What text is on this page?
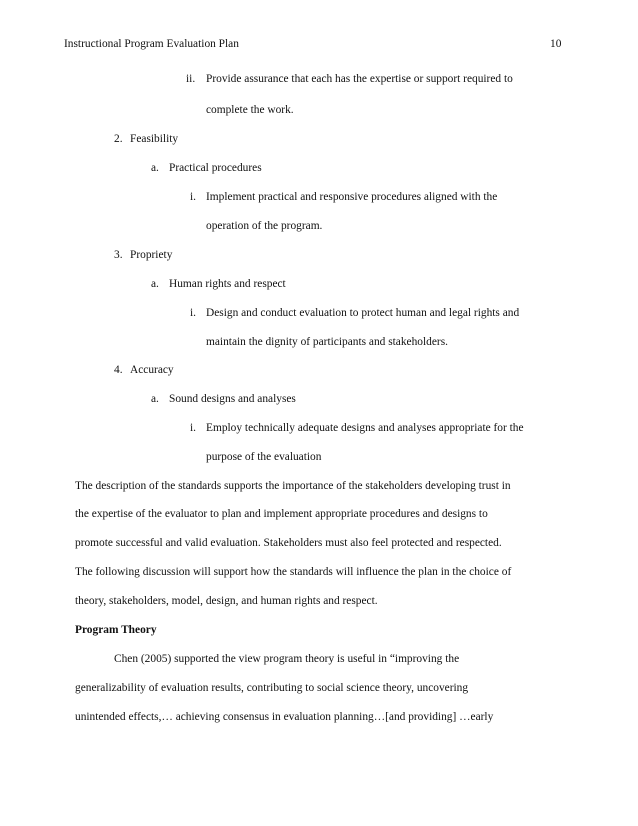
Instructional Program Evaluation Plan	10
ii. Provide assurance that each has the expertise or support required to
complete the work.
2. Feasibility
a. Practical procedures
i. Implement practical and responsive procedures aligned with the
operation of the program.
3. Propriety
a. Human rights and respect
i. Design and conduct evaluation to protect human and legal rights and
maintain the dignity of participants and stakeholders.
4. Accuracy
a. Sound designs and analyses
i. Employ technically adequate designs and analyses appropriate for the
purpose of the evaluation
The description of the standards supports the importance of the stakeholders developing trust in
the expertise of the evaluator to plan and implement appropriate procedures and designs to
promote successful and valid evaluation. Stakeholders must also feel protected and respected.
The following discussion will support how the standards will influence the plan in the choice of
theory, stakeholders, model, design, and human rights and respect.
Program Theory
Chen (2005) supported the view program theory is useful in “improving the
generalizability of evaluation results, contributing to social science theory, uncovering
unintended effects,… achieving consensus in evaluation planning…[and providing] …early
